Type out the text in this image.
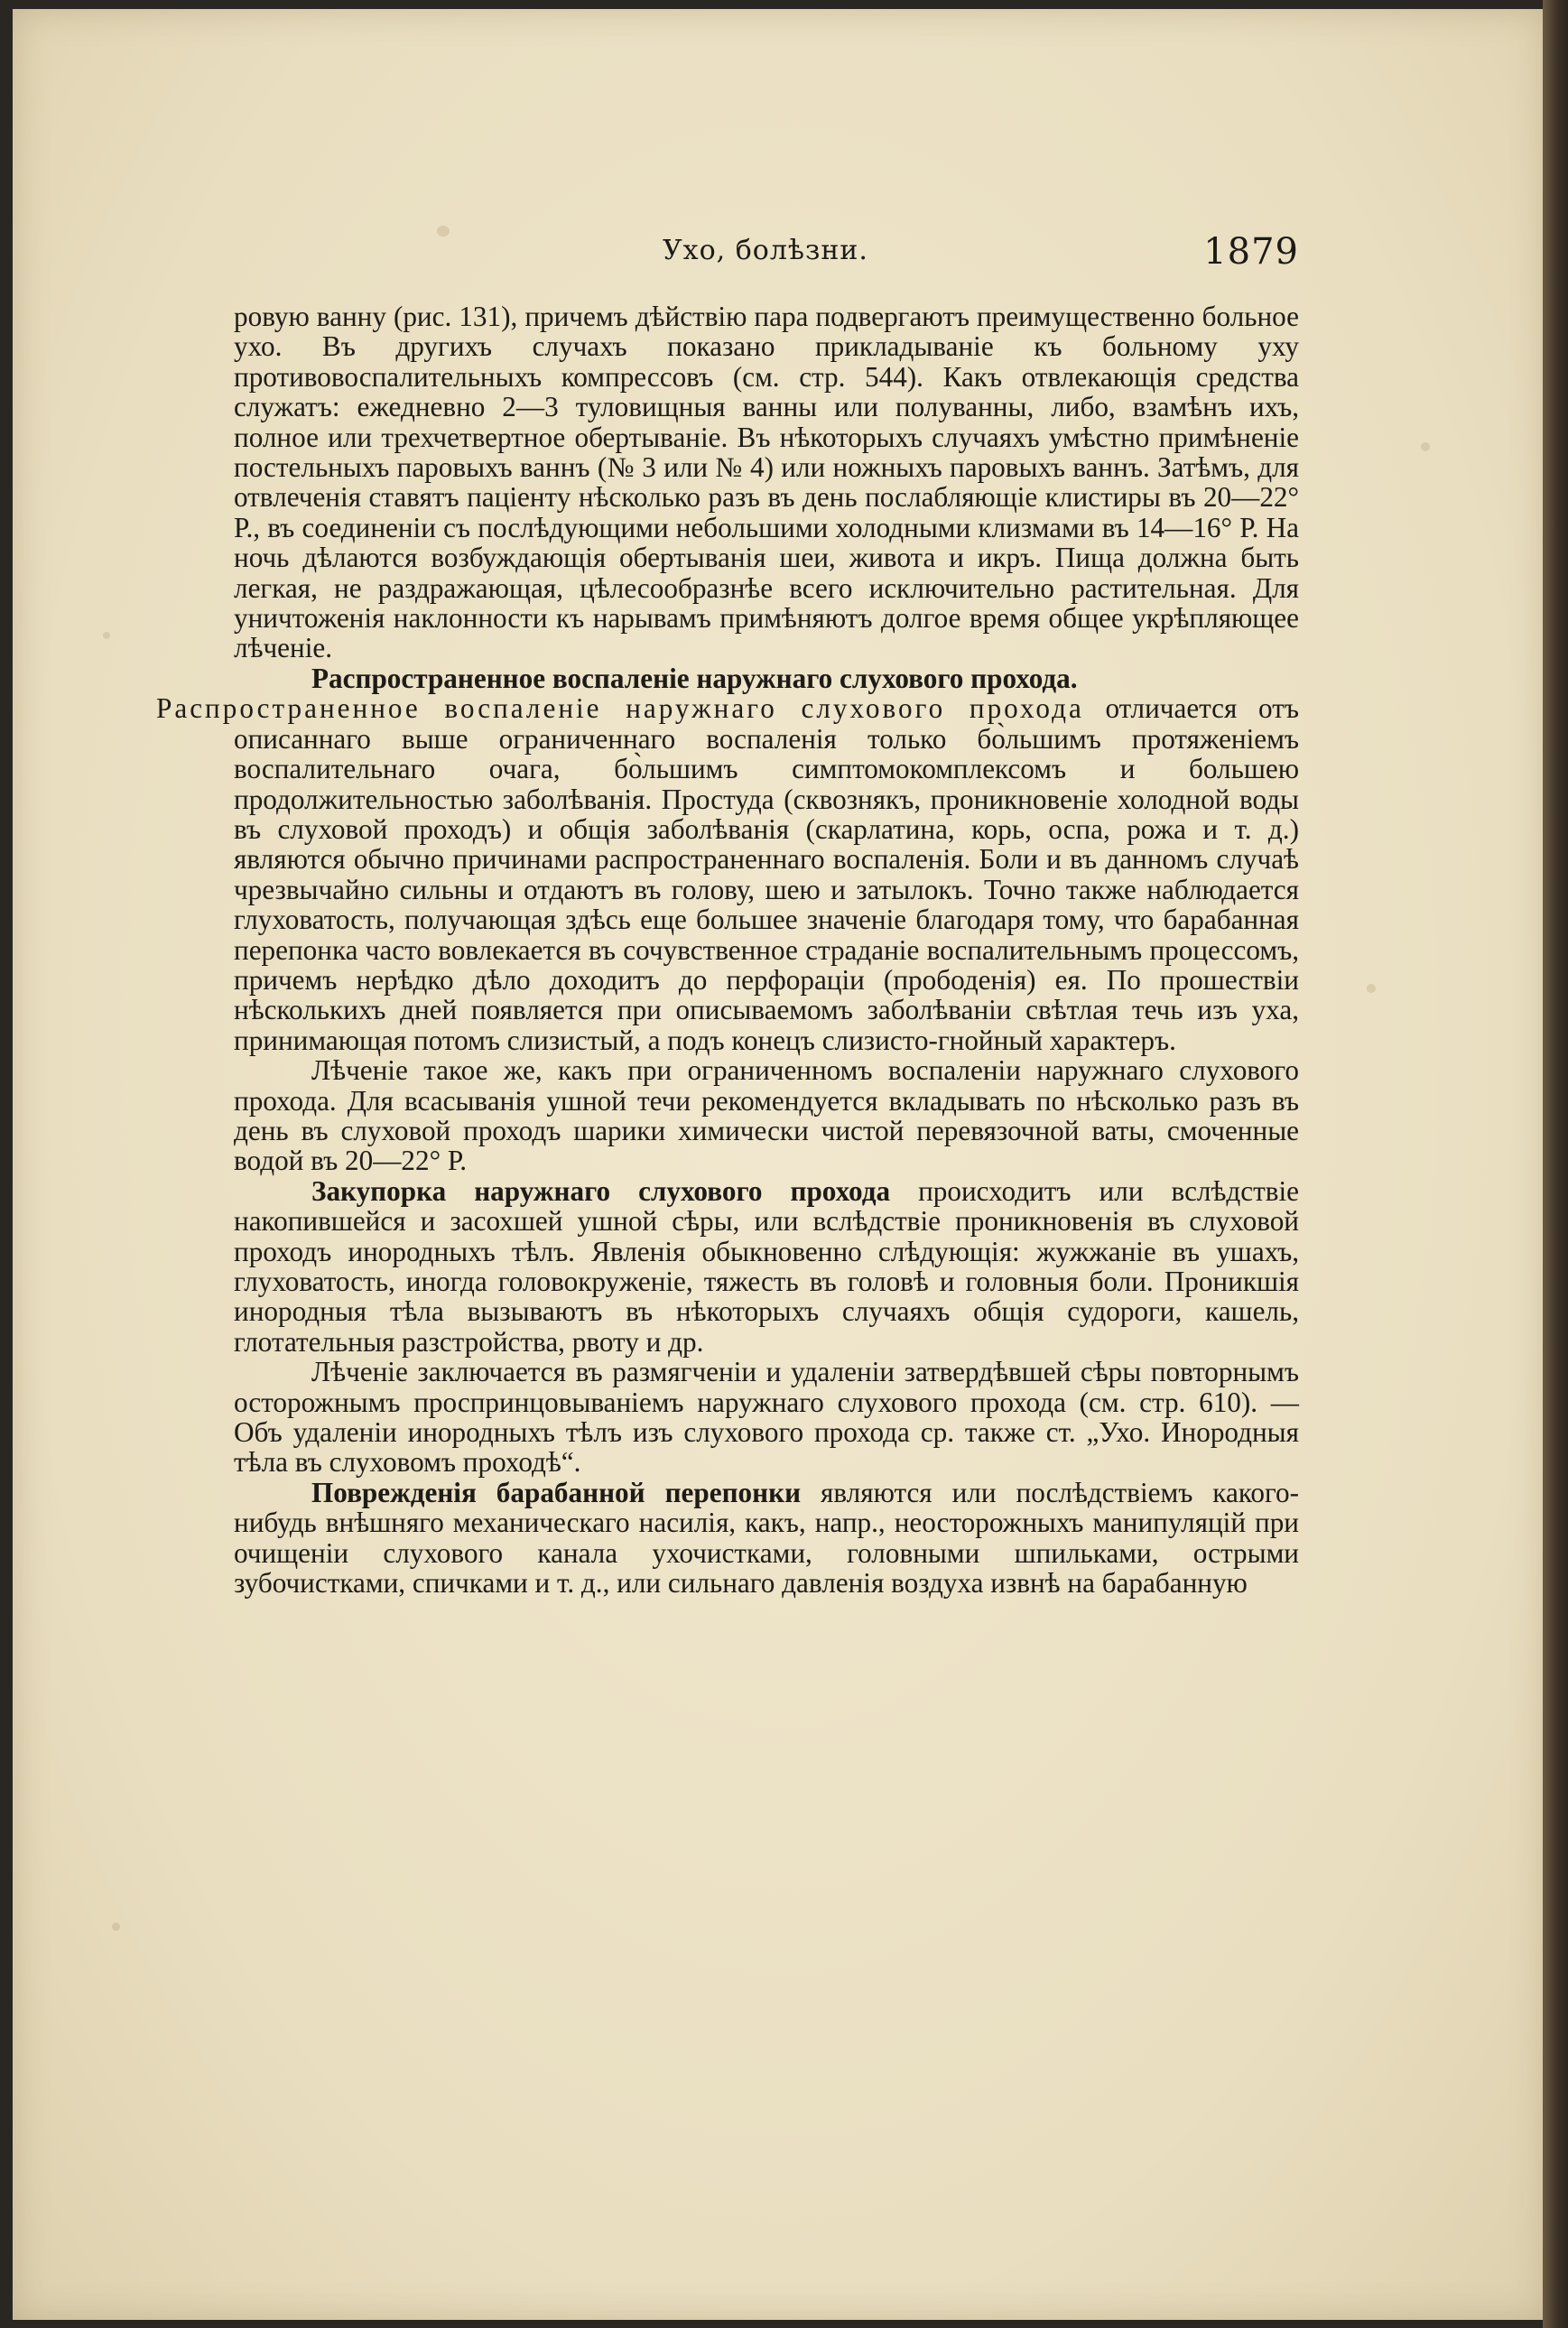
Ухо, болѣзни.	1879

ровую ванну (рис. 131), причемъ дѣйствію пара подвергаютъ преимущественно больное ухо. Въ другихъ случахъ показано прикладываніе къ больному уху противовоспалительныхъ компрессовъ (см. стр. 544). Какъ отвлекающія средства служатъ: ежедневно 2—3 туловищныя ванны или полуванны, либо, взамѣнъ ихъ, полное или трехчетвертное обертываніе. Въ нѣкоторыхъ случаяхъ умѣстно примѣненіе постельныхъ паровыхъ ваннъ (№ 3 или № 4) или ножныхъ паровыхъ ваннъ. Затѣмъ, для отвлеченія ставятъ паціенту нѣсколько разъ въ день послабляющіе клистиры въ 20—22° Р., въ соединеніи съ послѣдующими небольшими холодными клизмами въ 14—16° Р. На ночь дѣлаются возбуждающія обертыванія шеи, живота и икръ. Пища должна быть легкая, не раздражающая, цѣлесообразнѣе всего исключительно растительная. Для уничтоженія наклонности къ нарывамъ примѣняютъ долгое время общее укрѣпляющее лѣченіе.

Распространенное воспаленіе наружнаго слухового прохода.
Распространенное воспаленіе наружнаго слухового прохода отличается отъ описаннаго выше ограниченнаго воспаленія только бо̀льшимъ протяженіемъ воспалительнаго очага, бо̀льшимъ симптомокомплексомъ и большею продолжительностью заболѣванія. Простуда (сквознякъ, проникновеніе холодной воды въ слуховой проходъ) и общія заболѣванія (скарлатина, корь, оспа, рожа и т. д.) являются обычно причинами распространеннаго воспаленія. Боли и въ данномъ случаѣ чрезвычайно сильны и отдаютъ въ голову, шею и затылокъ. Точно также наблюдается глуховатость, получающая здѣсь еще большее значеніе благодаря тому, что барабанная перепонка часто вовлекается въ сочувственное страданіе воспалительнымъ процессомъ, причемъ нерѣдко дѣло доходитъ до перфораціи (прободенія) ея. По прошествіи нѣсколькихъ дней появляется при описываемомъ заболѣваніи свѣтлая течь изъ уха, принимающая потомъ слизистый, а подъ конецъ слизисто-гнойный характеръ.

Лѣченіе такое же, какъ при ограниченномъ воспаленіи наружнаго слухового прохода. Для всасыванія ушной течи рекомендуется вкладывать по нѣсколько разъ въ день въ слуховой проходъ шарики химически чистой перевязочной ваты, смоченные водой въ 20—22° Р.

Закупорка наружнаго слухового прохода происходитъ или вслѣдствіе накопившейся и засохшей ушной сѣры, или вслѣдствіе проникновенія въ слуховой проходъ инородныхъ тѣлъ. Явленія обыкновенно слѣдующія: жужжаніе въ ушахъ, глуховатость, иногда головокруженіе, тяжесть въ головѣ и головныя боли. Проникшія инородныя тѣла вызываютъ въ нѣкоторыхъ случаяхъ общія судороги, кашель, глотательныя разстройства, рвоту и др.

Лѣченіе заключается въ размягченіи и удаленіи затвердѣвшей сѣры повторнымъ осторожнымъ проспринцовываніемъ наружнаго слухового прохода (см. стр. 610). — Объ удаленіи инородныхъ тѣлъ изъ слухового прохода ср. также ст. „Ухо. Инородныя тѣла въ слуховомъ проходѣ“.

Поврежденія барабанной перепонки являются или послѣдствіемъ какого-нибудь внѣшняго механическаго насилія, какъ, напр., неосторожныхъ манипуляцій при очищеніи слухового канала ухочистками, головными шпильками, острыми зубочистками, спичками и т. д., или сильнаго давленія воздуха извнѣ на барабанную
